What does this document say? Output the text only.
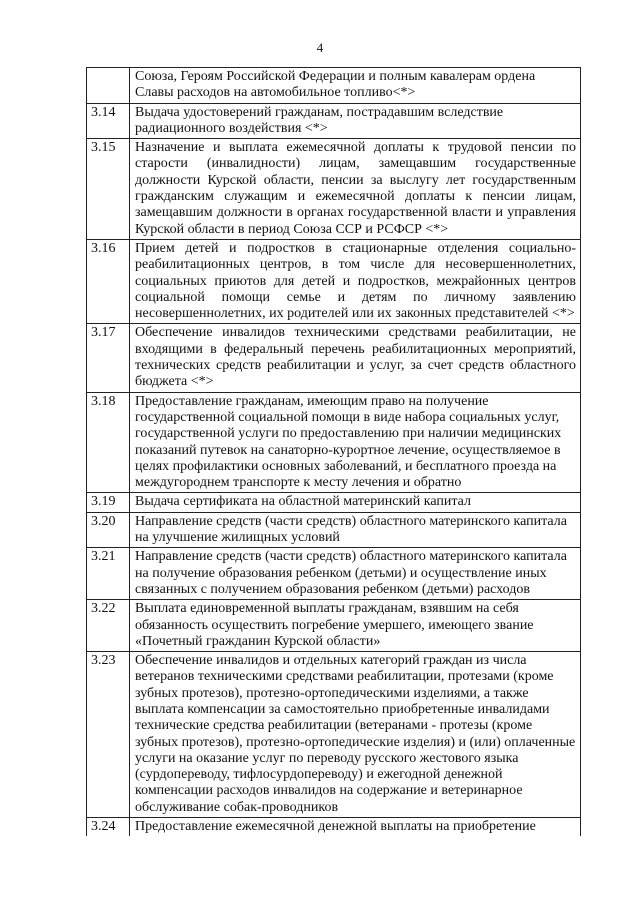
4
	Союза, Героям Российской Федерации и полным кавалерам ордена Славы расходов на автомобильное топливо<*>
3.14	Выдача удостоверений гражданам, пострадавшим вследствие радиационного воздействия <*>
3.15	Назначение и выплата ежемесячной доплаты к трудовой пенсии по старости (инвалидности) лицам, замещавшим государственные должности Курской области, пенсии за выслугу лет государственным гражданским служащим и ежемесячной доплаты к пенсии лицам, замещавшим должности в органах государственной власти и управления Курской области в период Союза ССР и РСФСР <*>
3.16	Прием детей и подростков в стационарные отделения социально-реабилитационных центров, в том числе для несовершеннолетних, социальных приютов для детей и подростков, межрайонных центров социальной помощи семье и детям по личному заявлению несовершеннолетних, их родителей или их законных представителей <*>
3.17	Обеспечение инвалидов техническими средствами реабилитации, не входящими в федеральный перечень реабилитационных мероприятий, технических средств реабилитации и услуг, за счет средств областного бюджета <*>
3.18	Предоставление гражданам, имеющим право на получение государственной социальной помощи в виде набора социальных услуг, государственной услуги по предоставлению при наличии медицинских показаний путевок на санаторно-курортное лечение, осуществляемое в целях профилактики основных заболеваний, и бесплатного проезда на междугороднем транспорте к месту лечения и обратно
3.19	Выдача сертификата на областной материнский капитал
3.20	Направление средств (части средств) областного материнского капитала на улучшение жилищных условий
3.21	Направление средств (части средств) областного материнского капитала на получение образования ребенком (детьми) и осуществление иных связанных с получением образования ребенком (детьми) расходов
3.22	Выплата единовременной выплаты гражданам, взявшим на себя обязанность осуществить погребение умершего, имеющего звание «Почетный гражданин Курской области»
3.23	Обеспечение инвалидов и отдельных категорий граждан из числа ветеранов техническими средствами реабилитации, протезами (кроме зубных протезов), протезно-ортопедическими изделиями, а также выплата компенсации за самостоятельно приобретенные инвалидами технические средства реабилитации (ветеранами - протезы (кроме зубных протезов), протезно-ортопедические изделия) и (или) оплаченные услуги на оказание услуг по переводу русского жестового языка (сурдопереводу, тифлосурдопереводу) и ежегодной денежной компенсации расходов инвалидов на содержание и ветеринарное обслуживание собак-проводников
3.24	Предоставление ежемесячной денежной выплаты на приобретение
